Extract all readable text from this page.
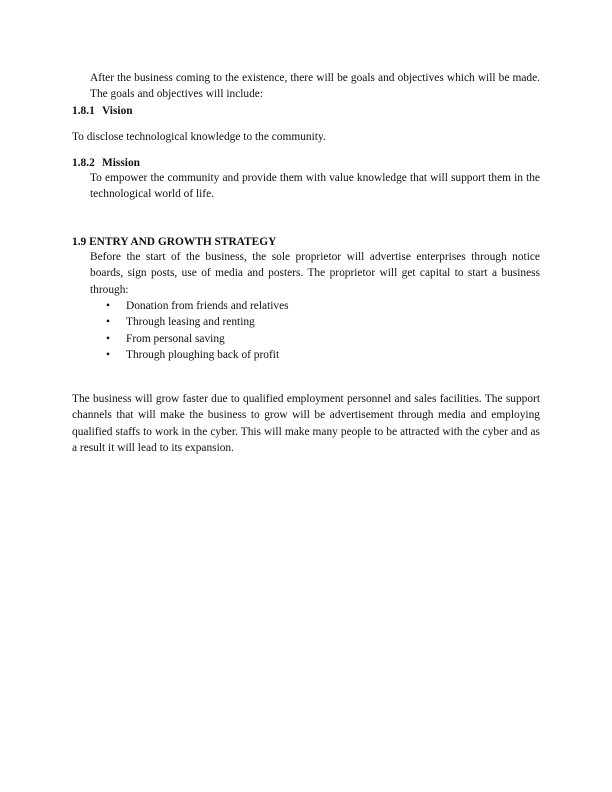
After the business coming to the existence, there will be goals and objectives which will be made. The goals and objectives will include:

1.8.1 Vision

To disclose technological knowledge to the community.

1.8.2 Mission

To empower the community and provide them with value knowledge that will support them in the technological world of life.

1.9 ENTRY AND GROWTH STRATEGY

Before the start of the business, the sole proprietor will advertise enterprises through notice boards, sign posts, use of media and posters. The proprietor will get capital to start a business through:

• Donation from friends and relatives
• Through leasing and renting
• From personal saving
• Through ploughing back of profit

The business will grow faster due to qualified employment personnel and sales facilities. The support channels that will make the business to grow will be advertisement through media and employing qualified staffs to work in the cyber. This will make many people to be attracted with the cyber and as a result it will lead to its expansion.
